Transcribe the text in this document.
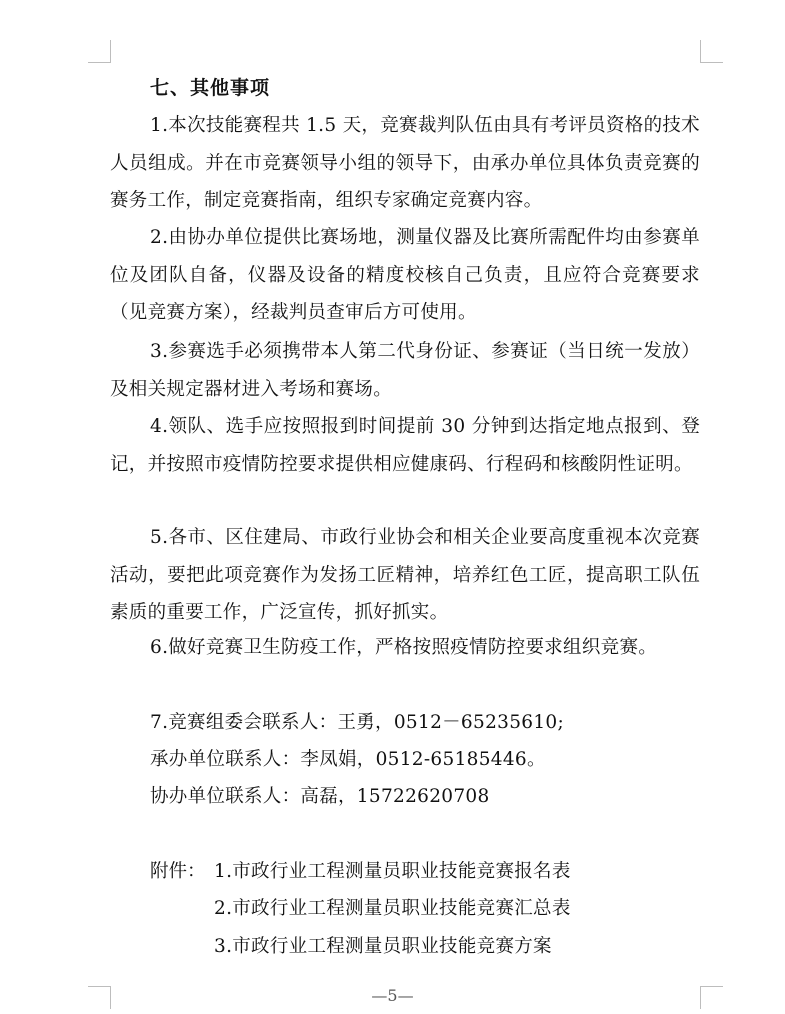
七、其他事项
1.本次技能赛程共 1.5 天，竞赛裁判队伍由具有考评员资格的技术人员组成。并在市竞赛领导小组的领导下，由承办单位具体负责竞赛的赛务工作，制定竞赛指南，组织专家确定竞赛内容。
2.由协办单位提供比赛场地，测量仪器及比赛所需配件均由参赛单位及团队自备，仪器及设备的精度校核自己负责，且应符合竞赛要求（见竞赛方案），经裁判员查审后方可使用。
3.参赛选手必须携带本人第二代身份证、参赛证（当日统一发放）及相关规定器材进入考场和赛场。
4.领队、选手应按照报到时间提前 30 分钟到达指定地点报到、登记，并按照市疫情防控要求提供相应健康码、行程码和核酸阴性证明。
5.各市、区住建局、市政行业协会和相关企业要高度重视本次竞赛活动，要把此项竞赛作为发扬工匠精神，培养红色工匠，提高职工队伍素质的重要工作，广泛宣传，抓好抓实。
6.做好竞赛卫生防疫工作，严格按照疫情防控要求组织竞赛。
7.竞赛组委会联系人：王勇，0512－65235610;
承办单位联系人：李凤娟，0512-65185446。
协办单位联系人：高磊，15722620708
附件： 1.市政行业工程测量员职业技能竞赛报名表
2.市政行业工程测量员职业技能竞赛汇总表
3.市政行业工程测量员职业技能竞赛方案
—5—
